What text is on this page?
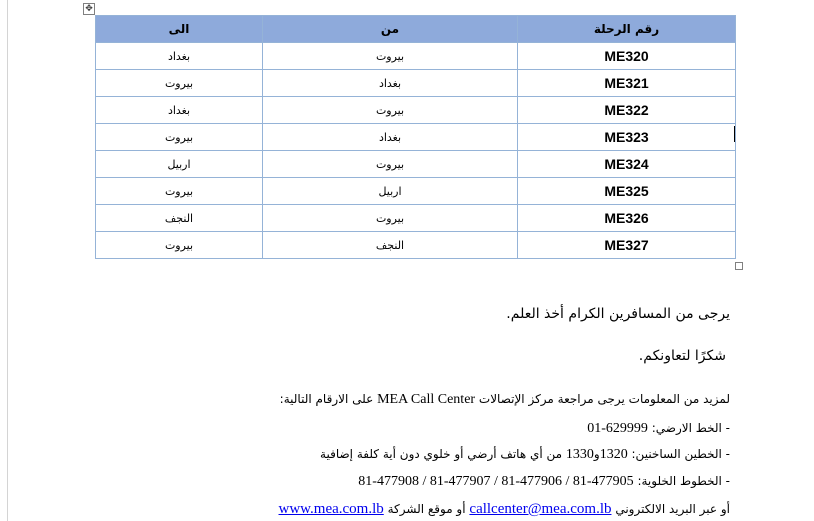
✥
رقم الرحلة	من	الى
ME320	بيروت	بغداد
ME321	بغداد	بيروت
ME322	بيروت	بغداد
ME323	بغداد	بيروت
ME324	بيروت	اربيل
ME325	اربيل	بيروت
ME326	بيروت	النجف
ME327	النجف	بيروت
يرجى من المسافرين الكرام أخذ العلم.
شكرًا لتعاونكم.
لمزيد من المعلومات يرجى مراجعة مركز الإتصالات MEA Call Center على الارقام التالية:
- الخط الارضي: 01-629999
- الخطين الساخنين: 1320و1330 من أي هاتف أرضي أو خلوي دون أية كلفة إضافية
- الخطوط الخلوية: 81-477908 / 81-477907 / 81-477906 / 81-477905
أو عبر البريد الالكتروني callcenter@mea.com.lb أو موقع الشركة www.mea.com.lb
